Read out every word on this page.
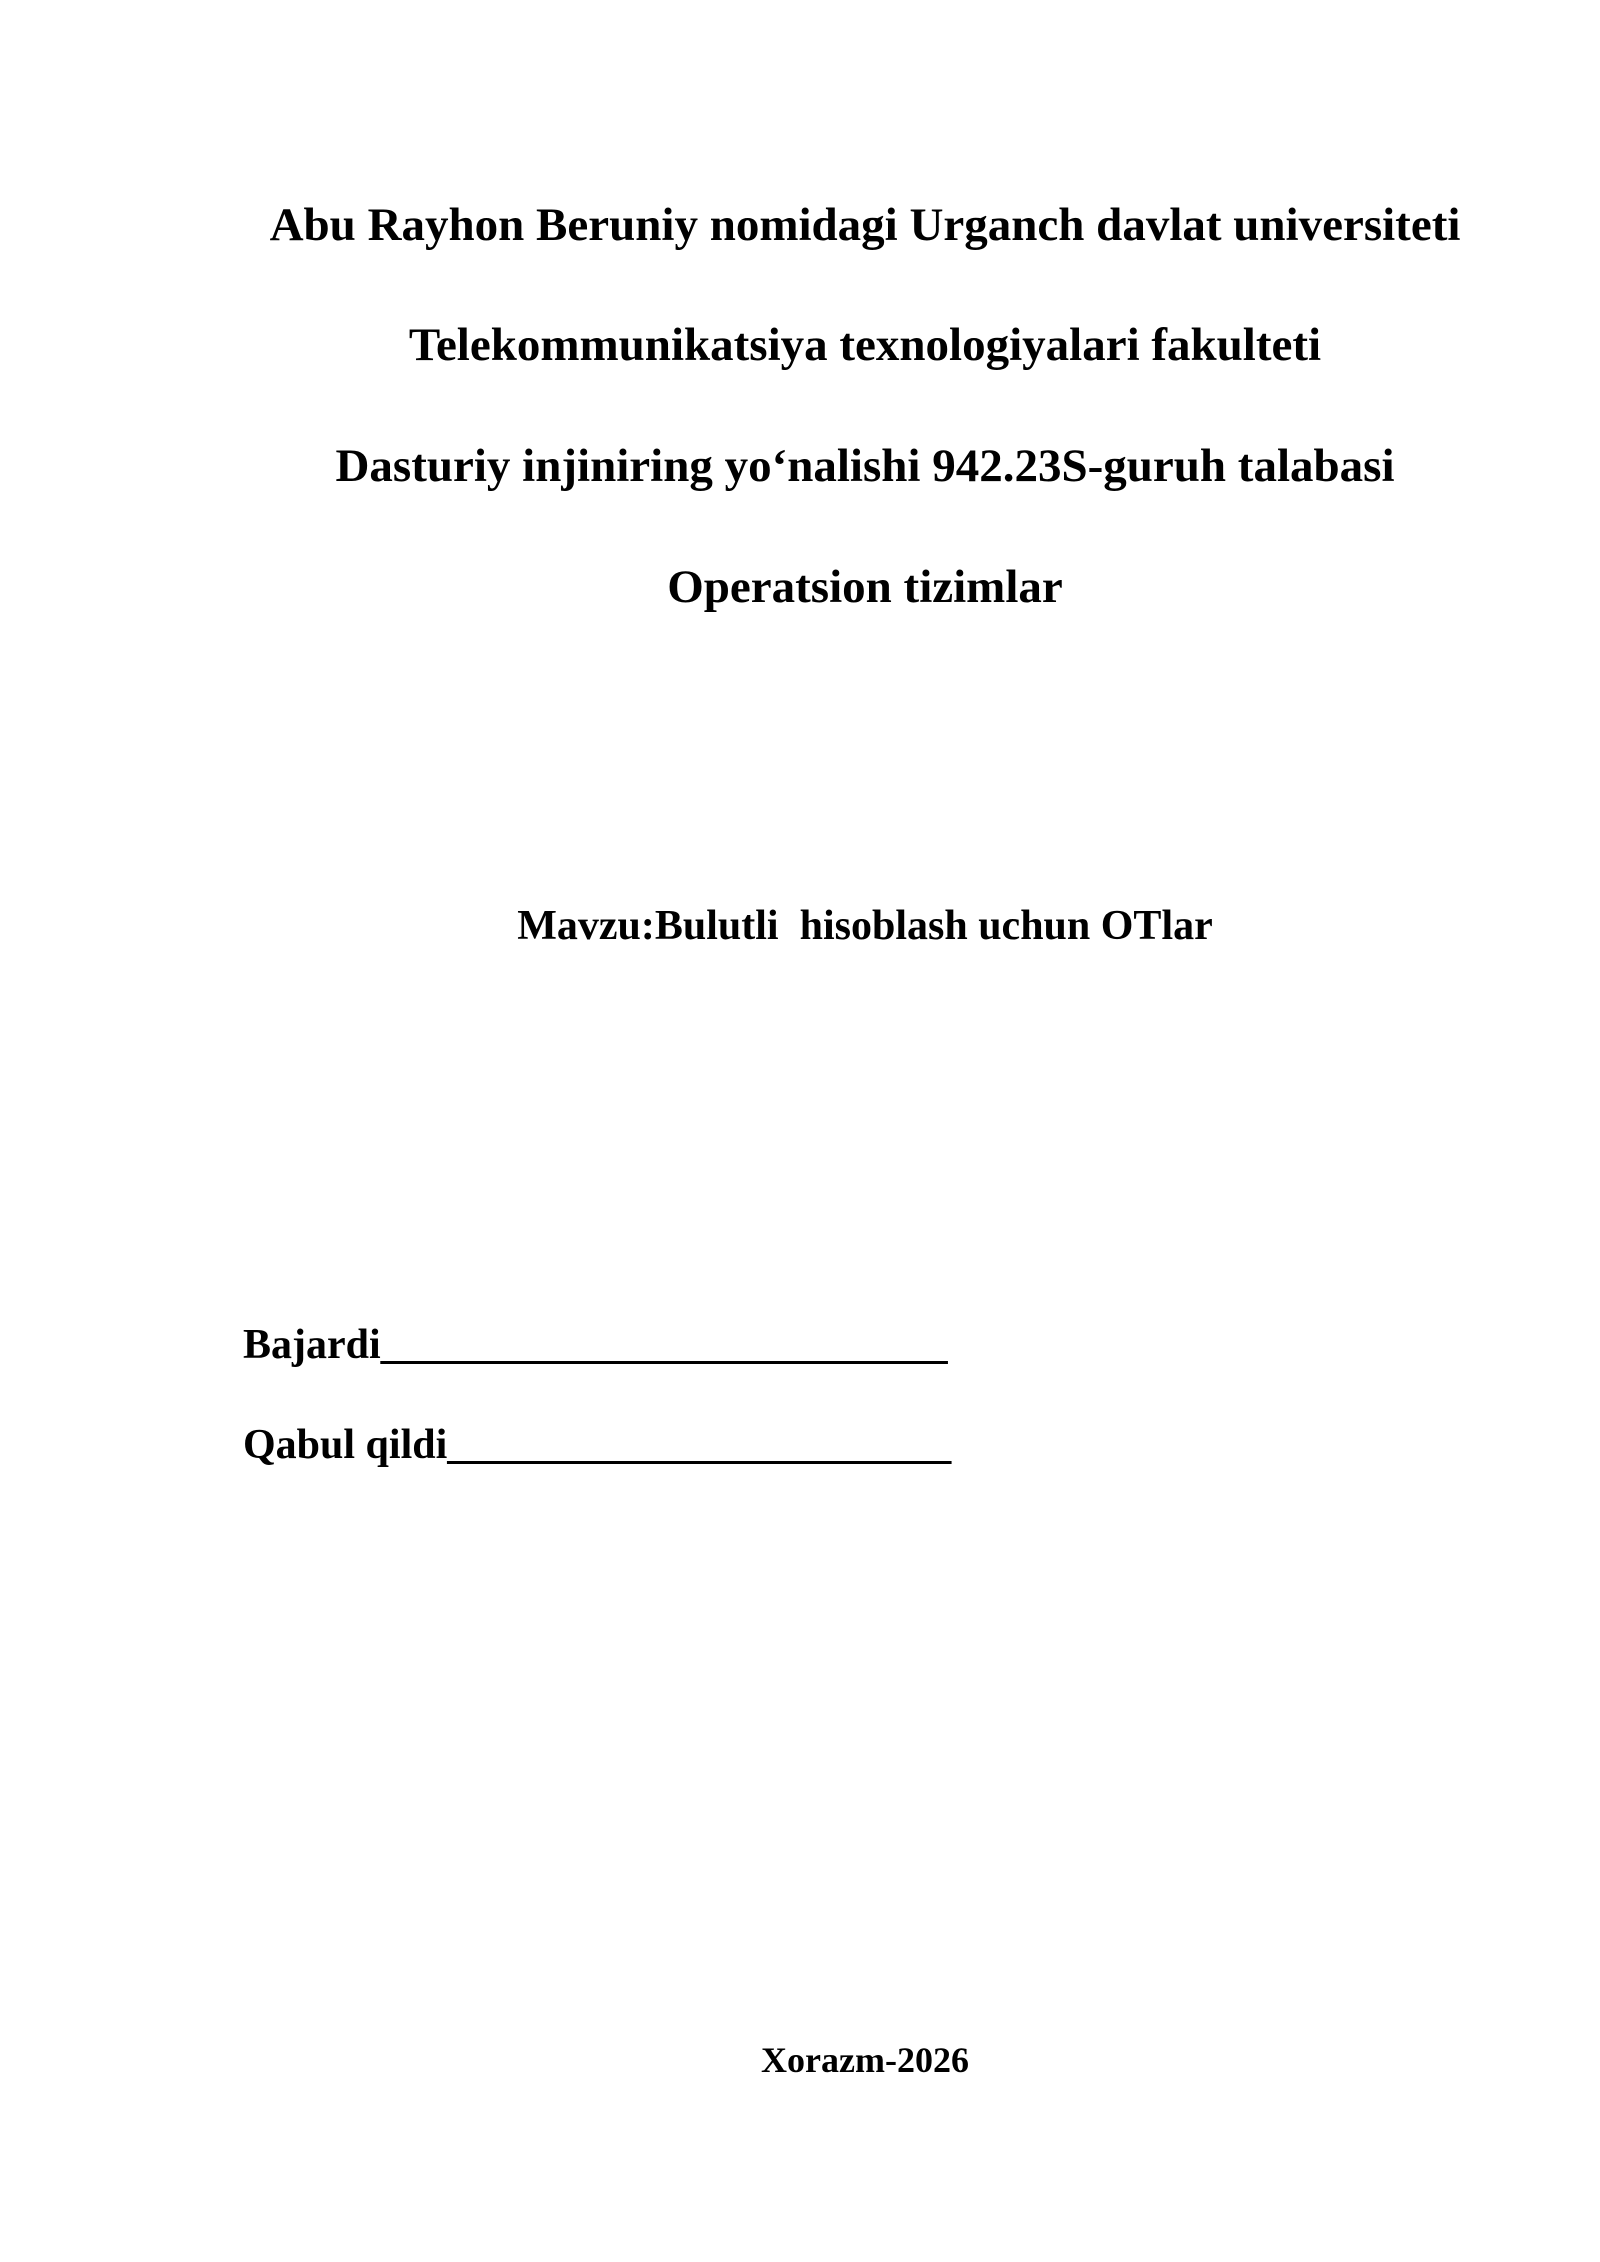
Abu Rayhon Beruniy nomidagi Urganch davlat universiteti
Telekommunikatsiya texnologiyalari fakulteti
Dasturiy injiniring yo‘nalishi 942.23S-guruh talabasi
Operatsion tizimlar
Mavzu:Bulutli  hisoblash uchun OTlar
Bajardi___________________________
Qabul qildi________________________
Xorazm-2026
